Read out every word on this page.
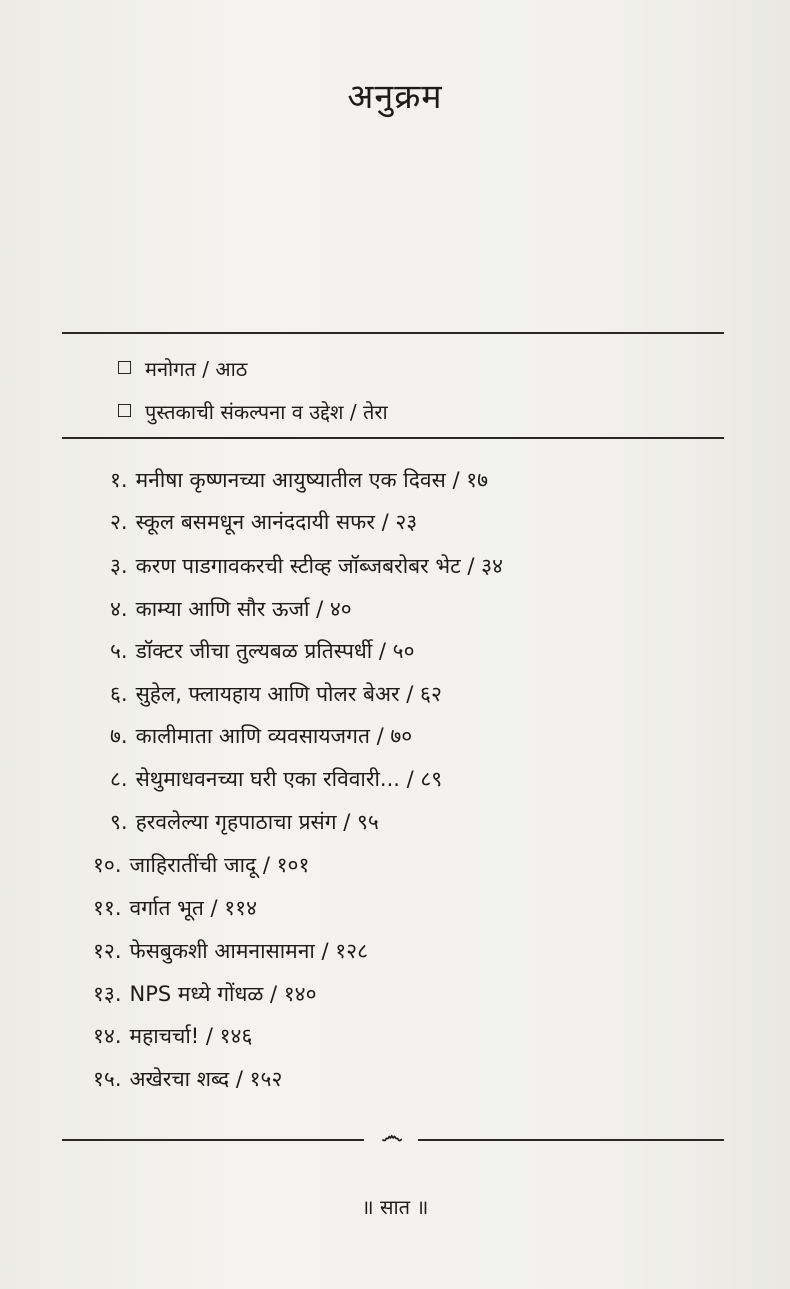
अनुक्रम
मनोगत / आठ
पुस्तकाची संकल्पना व उद्देश / तेरा
१. मनीषा कृष्णनच्या आयुष्यातील एक दिवस / १७
२. स्कूल बसमधून आनंददायी सफर / २३
३. करण पाडगावकरची स्टीव्ह जॉब्जबरोबर भेट / ३४
४. काम्या आणि सौर ऊर्जा / ४०
५. डॉक्टर जीचा तुल्यबळ प्रतिस्पर्धी / ५०
६. सुहेल, फ्लायहाय आणि पोलर बेअर / ६२
७. कालीमाता आणि व्यवसायजगत / ७०
८. सेथुमाधवनच्या घरी एका रविवारी... / ८९
९. हरवलेल्या गृहपाठाचा प्रसंग / ९५
१०. जाहिरातींची जादू / १०१
११. वर्गात भूत / ११४
१२. फेसबुकशी आमनासामना / १२८
१३. NPS मध्ये गोंधळ / १४०
१४. महाचर्चा! / १४६
१५. अखेरचा शब्द / १५२
෴
॥ सात ॥
